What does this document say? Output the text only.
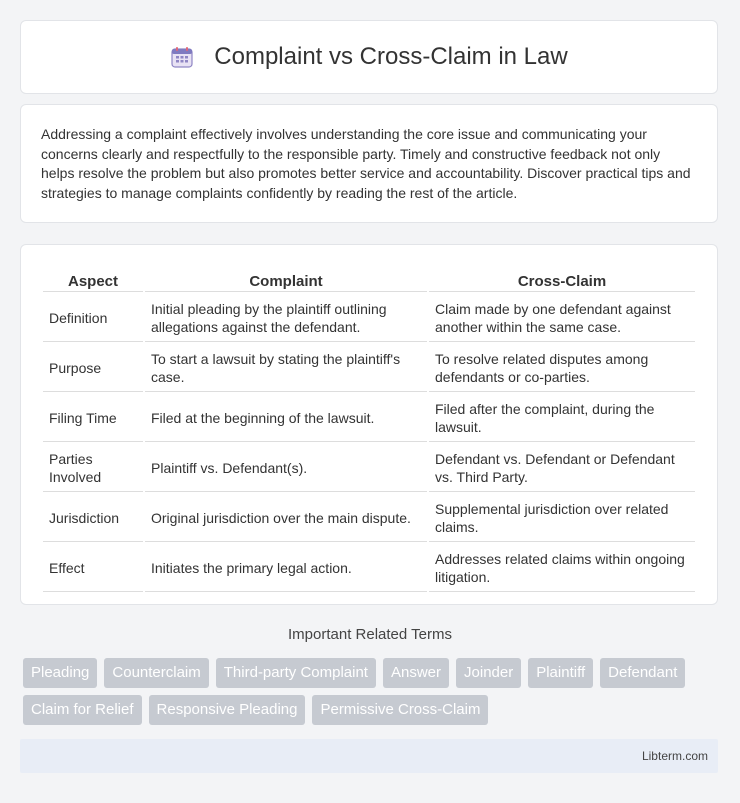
Complaint vs Cross-Claim in Law

Addressing a complaint effectively involves understanding the core issue and communicating your concerns clearly and respectfully to the responsible party. Timely and constructive feedback not only helps resolve the problem but also promotes better service and accountability. Discover practical tips and strategies to manage complaints confidently by reading the rest of the article.

Aspect	Complaint	Cross-Claim
Definition	Initial pleading by the plaintiff outlining allegations against the defendant.	Claim made by one defendant against another within the same case.
Purpose	To start a lawsuit by stating the plaintiff's case.	To resolve related disputes among defendants or co-parties.
Filing Time	Filed at the beginning of the lawsuit.	Filed after the complaint, during the lawsuit.
Parties Involved	Plaintiff vs. Defendant(s).	Defendant vs. Defendant or Defendant vs. Third Party.
Jurisdiction	Original jurisdiction over the main dispute.	Supplemental jurisdiction over related claims.
Effect	Initiates the primary legal action.	Addresses related claims within ongoing litigation.
Important Related Terms
Pleading	Counterclaim	Third-party Complaint	Answer	Joinder	Plaintiff	Defendant
Claim for Relief	Responsive Pleading	Permissive Cross-Claim
Libterm.com
